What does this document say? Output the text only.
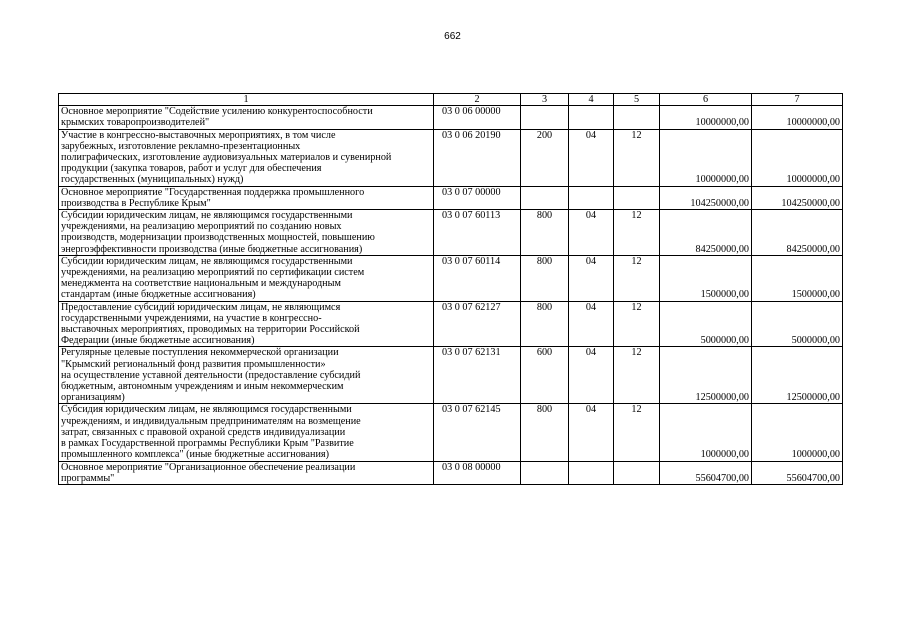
662
1	2	3	4	5	6	7
Основное мероприятие "Содействие усилению конкурентоспособности
крымских товаропроизводителей"	03 0 06 00000				10000000,00	10000000,00
Участие в конгрессно-выставочных мероприятиях, в том числе
зарубежных, изготовление рекламно-презентационных
полиграфических, изготовление аудиовизуальных материалов и сувенирной
продукции (закупка товаров, работ и услуг для обеспечения
государственных (муниципальных) нужд)	03 0 06 20190	200	04	12	10000000,00	10000000,00
Основное мероприятие "Государственная поддержка промышленного
производства в Республике Крым"	03 0 07 00000				104250000,00	104250000,00
Субсидии юридическим лицам, не являющимся государственными
учреждениями, на реализацию мероприятий по созданию новых
производств, модернизации производственных мощностей, повышению
энергоэффективности производства (иные бюджетные ассигнования)	03 0 07 60113	800	04	12	84250000,00	84250000,00
Субсидии юридическим лицам, не являющимся государственными
учреждениями, на реализацию мероприятий по сертификации систем
менеджмента на соответствие национальным и международным
стандартам (иные бюджетные ассигнования)	03 0 07 60114	800	04	12	1500000,00	1500000,00
Предоставление субсидий юридическим лицам, не являющимся
государственными учреждениями, на участие в конгрессно-
выставочных мероприятиях, проводимых на территории Российской
Федерации (иные бюджетные ассигнования)	03 0 07 62127	800	04	12	5000000,00	5000000,00
Регулярные целевые поступления некоммерческой организации
"Крымский региональный фонд развития промышленности»
на осуществление уставной деятельности (предоставление субсидий
бюджетным, автономным учреждениям и иным некоммерческим
организациям)	03 0 07 62131	600	04	12	12500000,00	12500000,00
Субсидия юридическим лицам, не являющимся государственными
учреждениям, и индивидуальным предпринимателям на возмещение
затрат, связанных с правовой охраной средств индивидуализации
в рамках Государственной программы Республики Крым "Развитие
промышленного комплекса" (иные бюджетные ассигнования)	03 0 07 62145	800	04	12	1000000,00	1000000,00
Основное мероприятие "Организационное обеспечение реализации
программы"	03 0 08 00000				55604700,00	55604700,00
